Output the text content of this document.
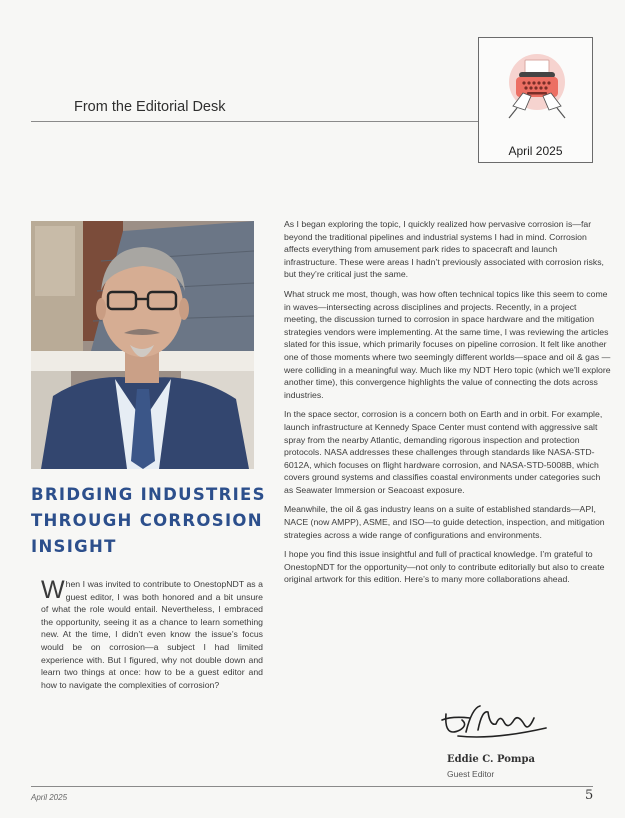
From the Editorial Desk
April 2025
BRIDGING INDUSTRIES THROUGH CORROSION INSIGHT
When I was invited to contribute to OnestopNDT as a guest editor, I was both honored and a bit unsure of what the role would entail. Nevertheless, I embraced the opportunity, seeing it as a chance to learn something new. At the time, I didn’t even know the issue’s focus would be on corrosion—a subject I had limited experience with. But I figured, why not double down and learn two things at once: how to be a guest editor and how to navigate the complexities of corrosion?

As I began exploring the topic, I quickly realized how pervasive corrosion is—far beyond the traditional pipelines and industrial systems I had in mind. Corrosion affects everything from amusement park rides to spacecraft and launch infrastructure. These were areas I hadn’t previously associated with corrosion risks, but they’re critical just the same.

What struck me most, though, was how often technical topics like this seem to come in waves—intersecting across disciplines and projects. Recently, in a project meeting, the discussion turned to corrosion in space hardware and the mitigation strategies vendors were implementing. At the same time, I was reviewing the articles slated for this issue, which primarily focuses on pipeline corrosion. It felt like another one of those moments where two seemingly different worlds—space and oil & gas —were colliding in a meaningful way. Much like my NDT Hero topic (which we’ll explore another time), this convergence highlights the value of connecting the dots across industries.

In the space sector, corrosion is a concern both on Earth and in orbit. For example, launch infrastructure at Kennedy Space Center must contend with aggressive salt spray from the nearby Atlantic, demanding rigorous inspection and protection protocols. NASA addresses these challenges through standards like NASA-STD-6012A, which focuses on flight hardware corrosion, and NASA-STD-5008B, which covers ground systems and classifies coastal environments under categories such as Seawater Immersion or Seacoast exposure.

Meanwhile, the oil & gas industry leans on a suite of established standards—API, NACE (now AMPP), ASME, and ISO—to guide detection, inspection, and mitigation strategies across a wide range of configurations and environments.

I hope you find this issue insightful and full of practical knowledge. I’m grateful to OnestopNDT for the opportunity—not only to contribute editorially but also to create original artwork for this edition. Here’s to many more collaborations ahead.

Eddie C. Pompa
Guest Editor
April 2025	5
